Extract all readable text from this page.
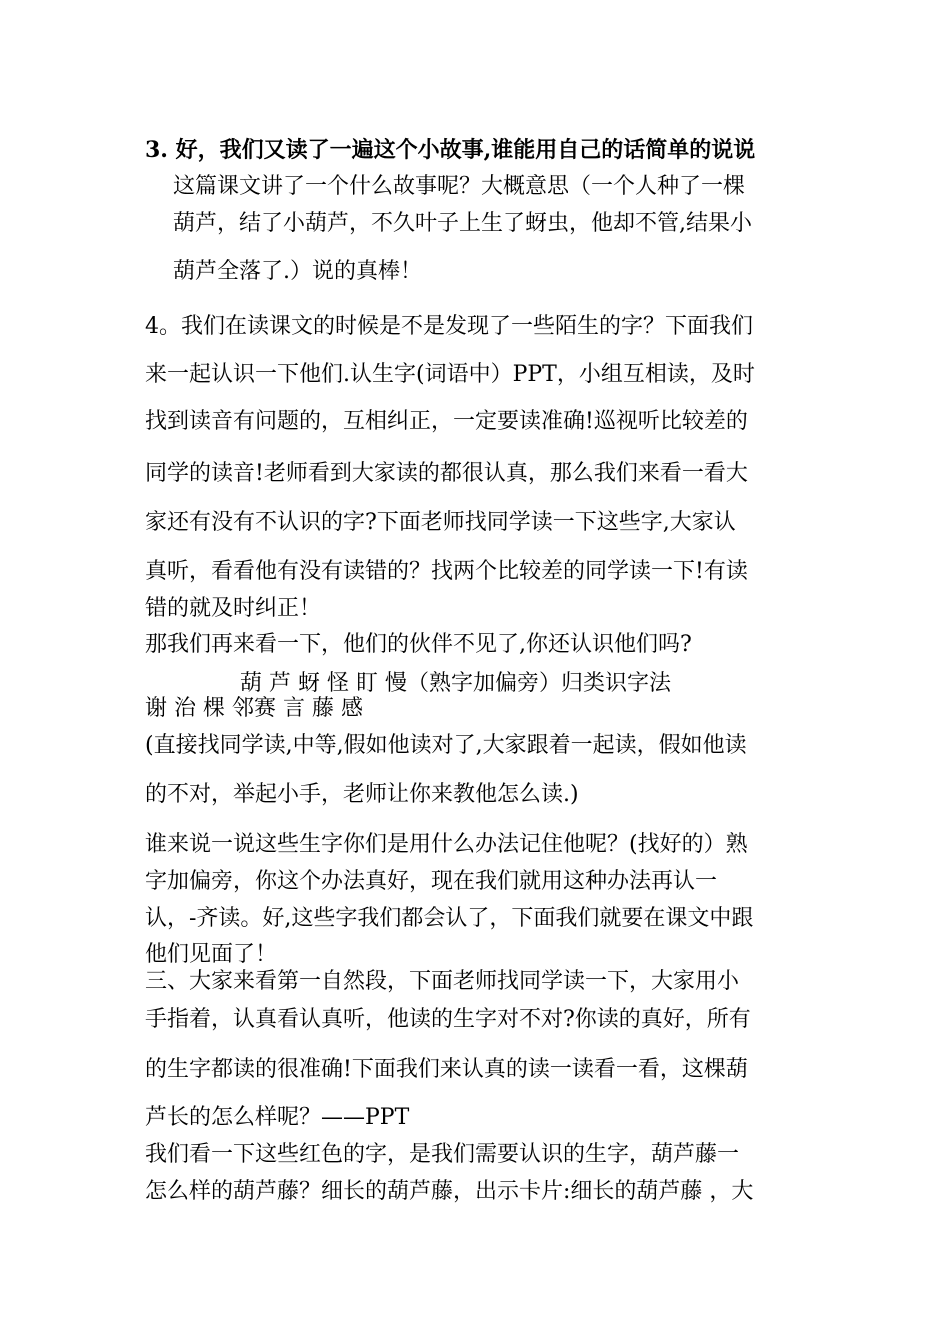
3. 好，我们又读了一遍这个小故事,谁能用自己的话简单的说说
这篇课文讲了一个什么故事呢？大概意思（一个人种了一棵
葫芦，结了小葫芦，不久叶子上生了蚜虫，他却不管,结果小
葫芦全落了.）说的真棒！
4。我们在读课文的时候是不是发现了一些陌生的字？下面我们
来一起认识一下他们.认生字(词语中）PPT，小组互相读，及时
找到读音有问题的，互相纠正，一定要读准确!巡视听比较差的
同学的读音!老师看到大家读的都很认真，那么我们来看一看大
家还有没有不认识的字?下面老师找同学读一下这些字,大家认
真听，看看他有没有读错的？找两个比较差的同学读一下!有读
错的就及时纠正！
那我们再来看一下，他们的伙伴不见了,你还认识他们吗?
葫 芦 蚜 怪 盯 慢（熟字加偏旁）归类识字法
谢 治 棵 邻赛 言 藤 感
(直接找同学读,中等,假如他读对了,大家跟着一起读，假如他读
的不对，举起小手，老师让你来教他怎么读.)
谁来说一说这些生字你们是用什么办法记住他呢？(找好的）熟
字加偏旁，你这个办法真好，现在我们就用这种办法再认一
认，-齐读。好,这些字我们都会认了，下面我们就要在课文中跟
他们见面了！
三、大家来看第一自然段，下面老师找同学读一下，大家用小
手指着，认真看认真听，他读的生字对不对?你读的真好，所有
的生字都读的很准确!下面我们来认真的读一读看一看，这棵葫
芦长的怎么样呢？——PPT
我们看一下这些红色的字，是我们需要认识的生字，葫芦藤一
怎么样的葫芦藤？细长的葫芦藤，出示卡片:细长的葫芦藤 ，大
